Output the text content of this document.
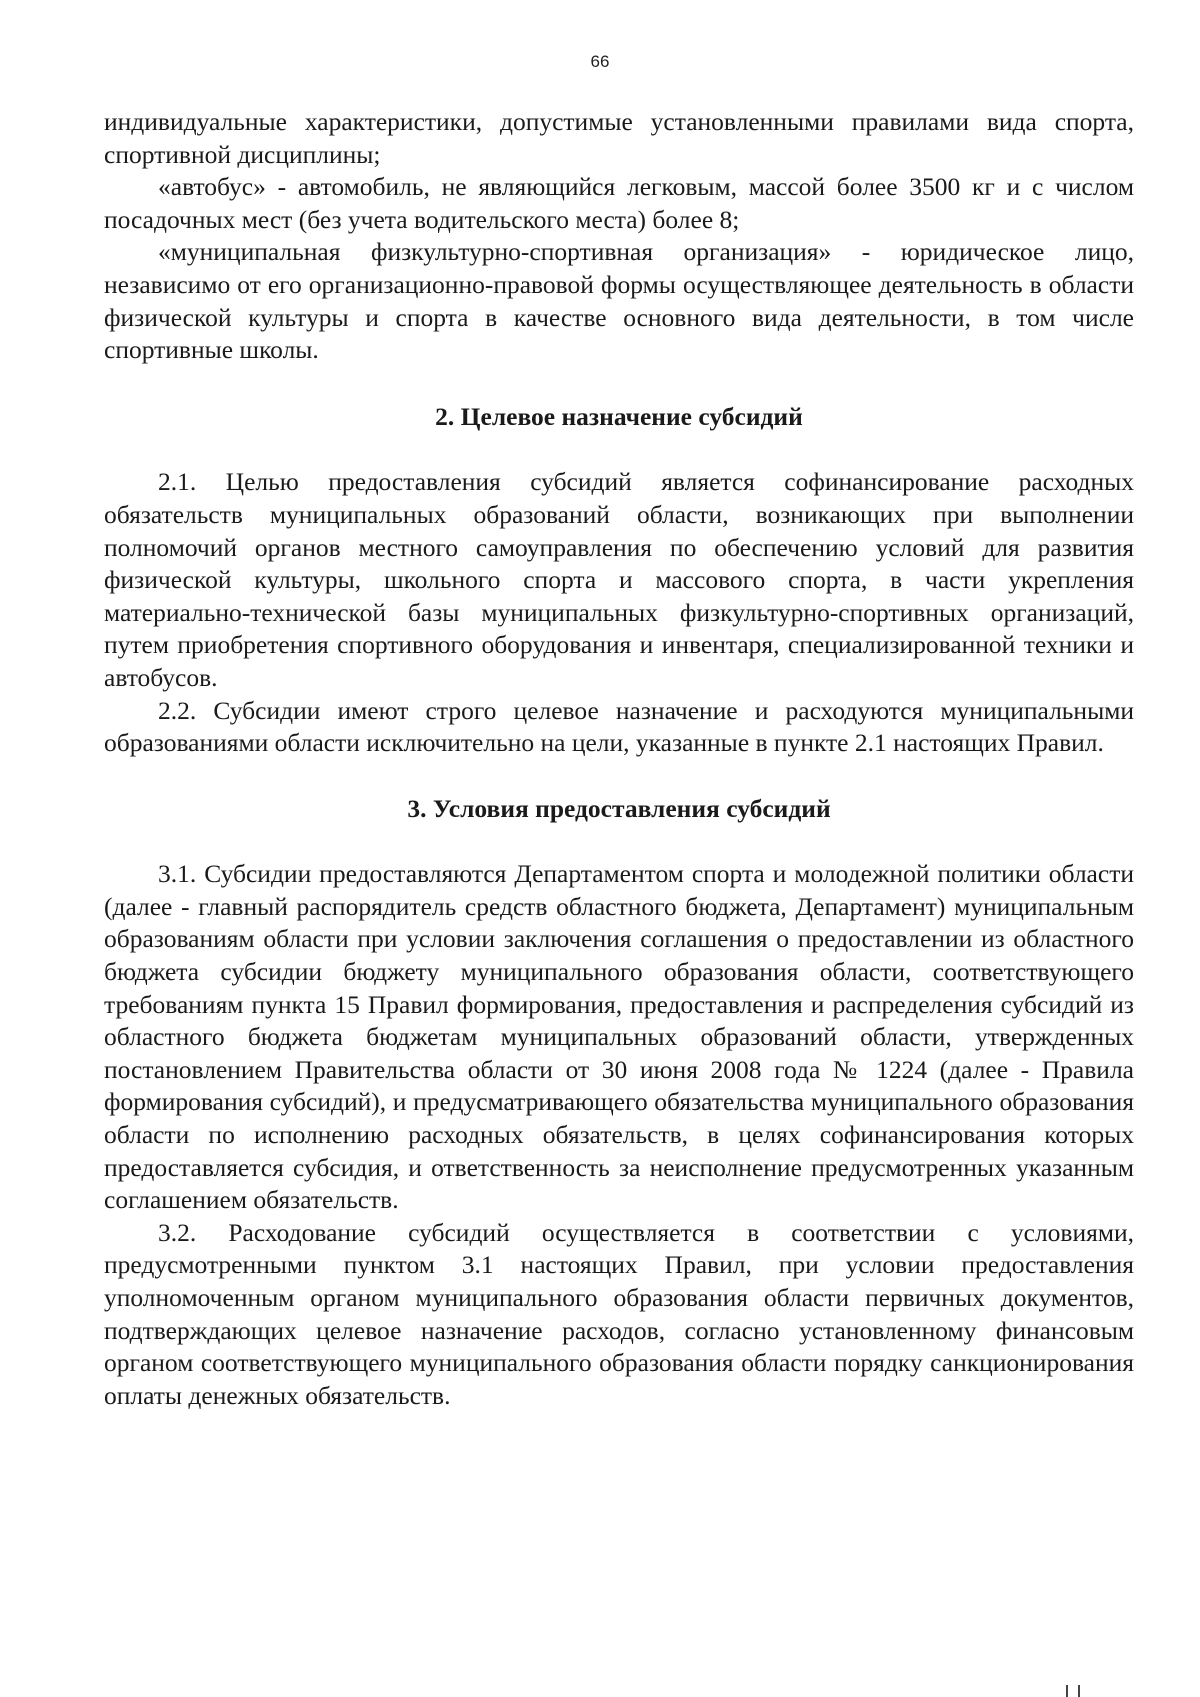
66

индивидуальные характеристики, допустимые установленными правилами вида спорта, спортивной дисциплины;

«автобус» - автомобиль, не являющийся легковым, массой более 3500 кг и с числом посадочных мест (без учета водительского места) более 8;

«муниципальная физкультурно-спортивная организация» - юридическое лицо, независимо от его организационно-правовой формы осуществляющее деятельность в области физической культуры и спорта в качестве основного вида деятельности, в том числе спортивные школы.

2. Целевое назначение субсидий

2.1. Целью предоставления субсидий является софинансирование расходных обязательств муниципальных образований области, возникающих при выполнении полномочий органов местного самоуправления по обеспечению условий для развития физической культуры, школьного спорта и массового спорта, в части укрепления материально-технической базы муниципальных физкультурно-спортивных организаций, путем приобретения спортивного оборудования и инвентаря, специализированной техники и автобусов.

2.2. Субсидии имеют строго целевое назначение и расходуются муниципальными образованиями области исключительно на цели, указанные в пункте 2.1 настоящих Правил.

3. Условия предоставления субсидий

3.1. Субсидии предоставляются Департаментом спорта и молодежной политики области (далее - главный распорядитель средств областного бюджета, Департамент) муниципальным образованиям области при условии заключения соглашения о предоставлении из областного бюджета субсидии бюджету муниципального образования области, соответствующего требованиям пункта 15 Правил формирования, предоставления и распределения субсидий из областного бюджета бюджетам муниципальных образований области, утвержденных постановлением Правительства области от 30 июня 2008 года № 1224 (далее - Правила формирования субсидий), и предусматривающего обязательства муниципального образования области по исполнению расходных обязательств, в целях софинансирования которых предоставляется субсидия, и ответственность за неисполнение предусмотренных указанным соглашением обязательств.

3.2. Расходование субсидий осуществляется в соответствии с условиями, предусмотренными пунктом 3.1 настоящих Правил, при условии предоставления уполномоченным органом муниципального образования области первичных документов, подтверждающих целевое назначение расходов, согласно установленному финансовым органом соответствующего муниципального образования области порядку санкционирования оплаты денежных обязательств.
